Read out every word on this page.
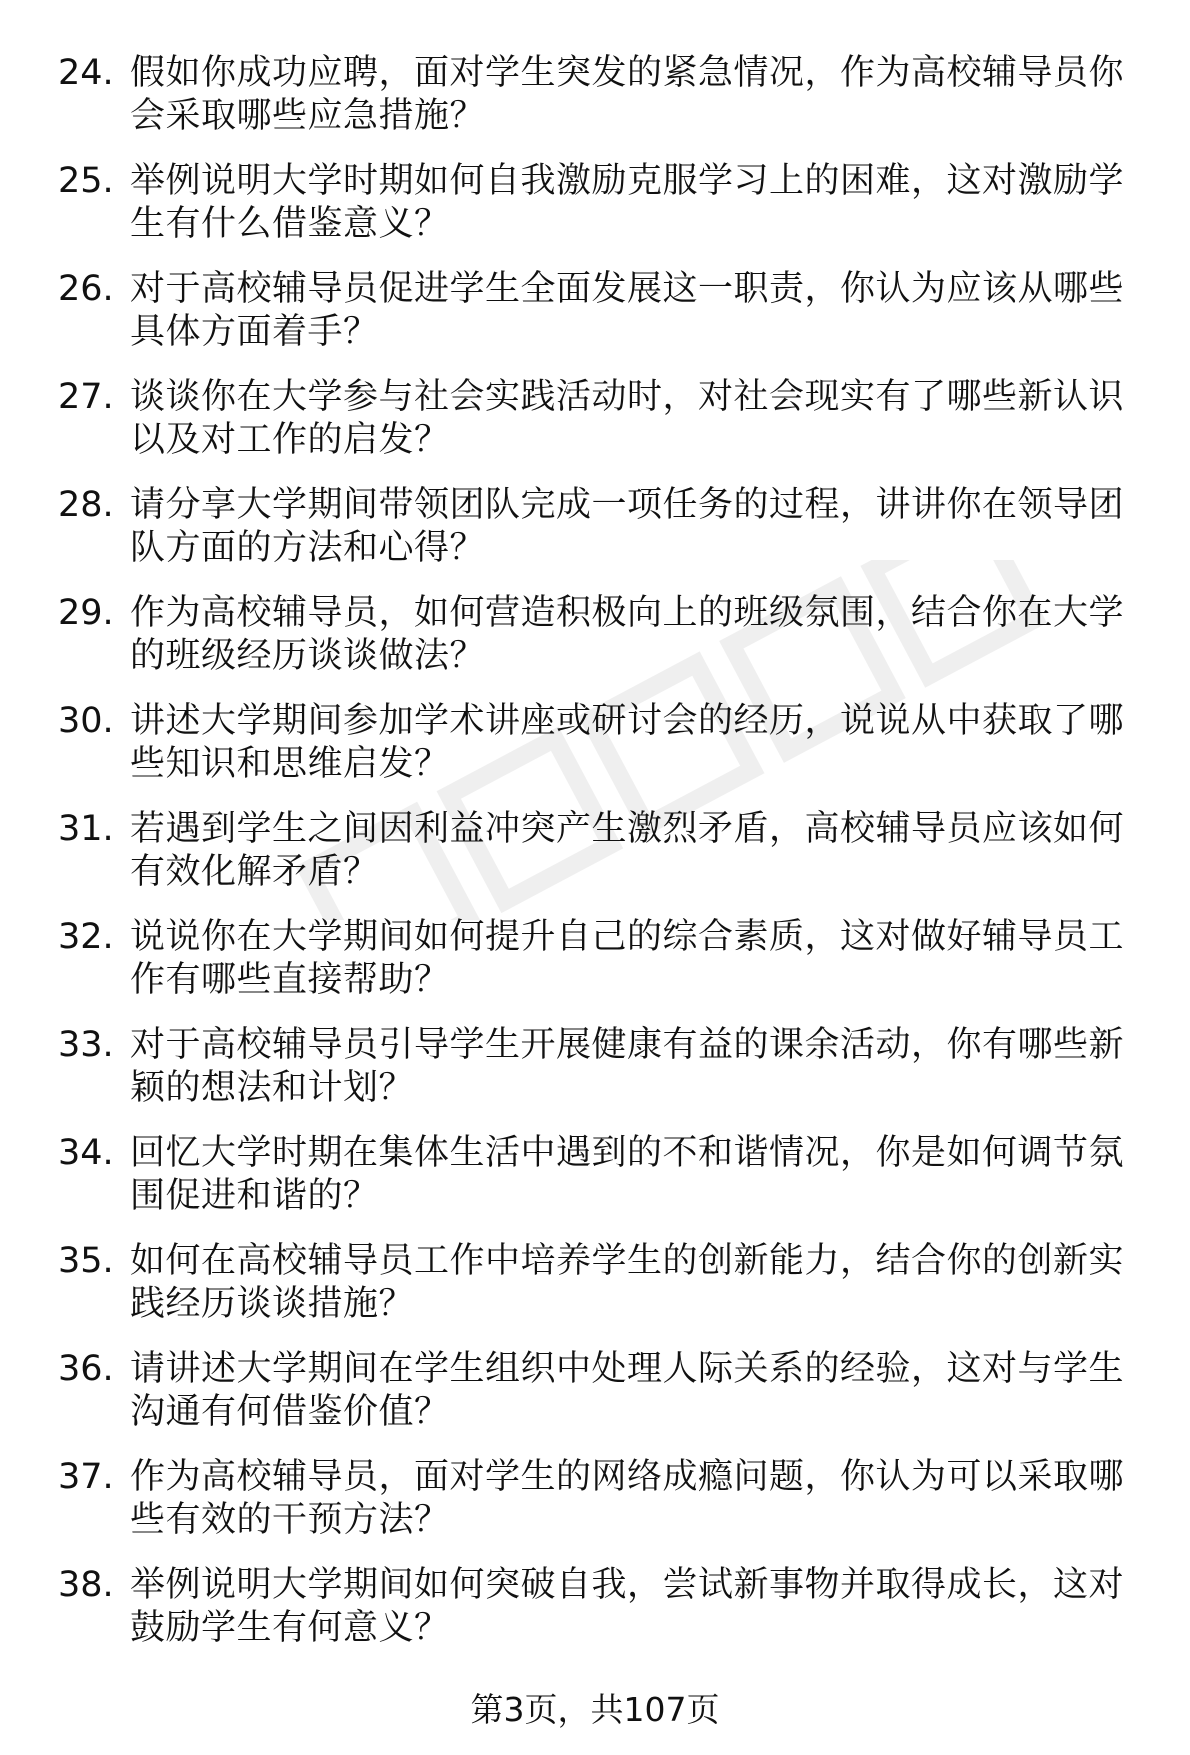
24. 假如你成功应聘，面对学生突发的紧急情况，作为高校辅导员你会采取哪些应急措施？
25. 举例说明大学时期如何自我激励克服学习上的困难，这对激励学生有什么借鉴意义？
26. 对于高校辅导员促进学生全面发展这一职责，你认为应该从哪些具体方面着手？
27. 谈谈你在大学参与社会实践活动时，对社会现实有了哪些新认识以及对工作的启发？
28. 请分享大学期间带领团队完成一项任务的过程，讲讲你在领导团队方面的方法和心得？
29. 作为高校辅导员，如何营造积极向上的班级氛围，结合你在大学的班级经历谈谈做法？
30. 讲述大学期间参加学术讲座或研讨会的经历，说说从中获取了哪些知识和思维启发？
31. 若遇到学生之间因利益冲突产生激烈矛盾，高校辅导员应该如何有效化解矛盾？
32. 说说你在大学期间如何提升自己的综合素质，这对做好辅导员工作有哪些直接帮助？
33. 对于高校辅导员引导学生开展健康有益的课余活动，你有哪些新颖的想法和计划？
34. 回忆大学时期在集体生活中遇到的不和谐情况，你是如何调节氛围促进和谐的？
35. 如何在高校辅导员工作中培养学生的创新能力，结合你的创新实践经历谈谈措施？
36. 请讲述大学期间在学生组织中处理人际关系的经验，这对与学生沟通有何借鉴价值？
37. 作为高校辅导员，面对学生的网络成瘾问题，你认为可以采取哪些有效的干预方法？
38. 举例说明大学期间如何突破自我，尝试新事物并取得成长，这对鼓励学生有何意义？
第3页，共107页
